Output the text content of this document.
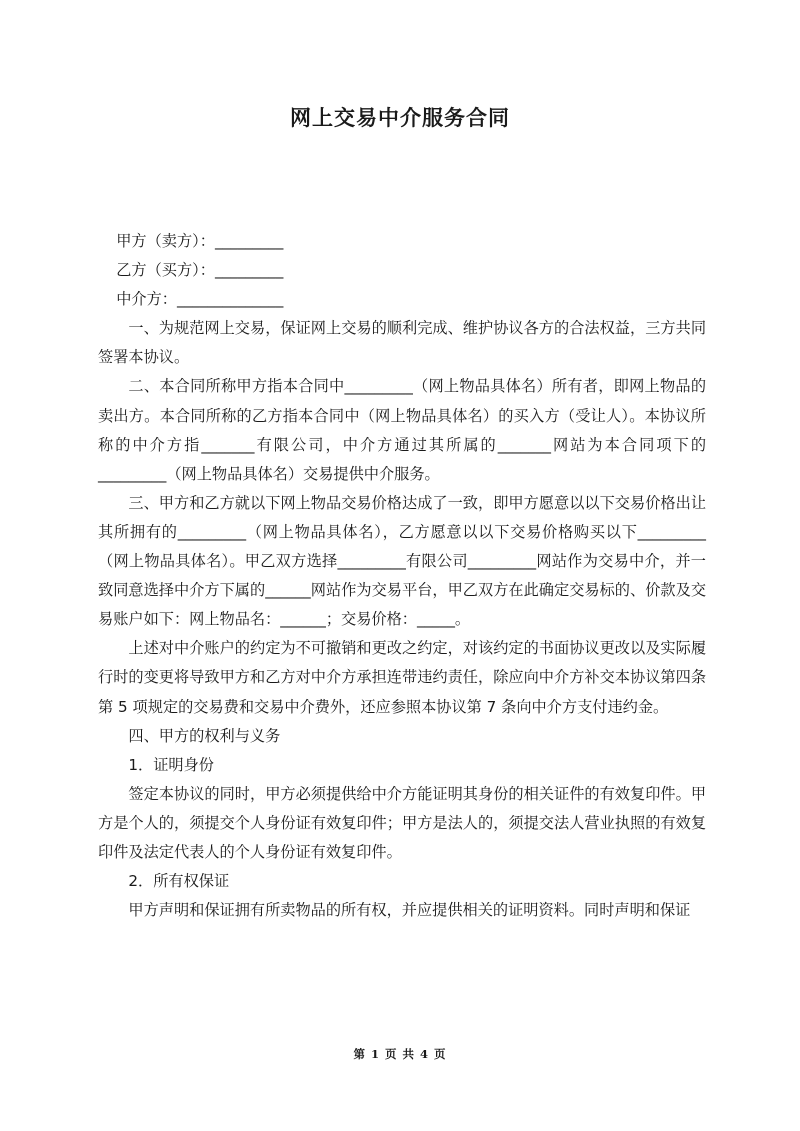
网上交易中介服务合同

甲方（卖方）：_________

乙方（买方）：_________

中介方：______________

一、为规范网上交易，保证网上交易的顺利完成、维护协议各方的合法权益，三方共同签署本协议。

二、本合同所称甲方指本合同中_________（网上物品具体名）所有者，即网上物品的卖出方。本合同所称的乙方指本合同中（网上物品具体名）的买入方（受让人）。本协议所称的中介方指_______有限公司，中介方通过其所属的_______网站为本合同项下的_________（网上物品具体名）交易提供中介服务。

三、甲方和乙方就以下网上物品交易价格达成了一致，即甲方愿意以以下交易价格出让其所拥有的_________（网上物品具体名），乙方愿意以以下交易价格购买以下_________（网上物品具体名）。甲乙双方选择_________有限公司_________网站作为交易中介，并一致同意选择中介方下属的______网站作为交易平台，甲乙双方在此确定交易标的、价款及交易账户如下：网上物品名：______；交易价格：_____。

上述对中介账户的约定为不可撤销和更改之约定，对该约定的书面协议更改以及实际履行时的变更将导致甲方和乙方对中介方承担连带违约责任，除应向中介方补交本协议第四条第 5 项规定的交易费和交易中介费外，还应参照本协议第 7 条向中介方支付违约金。

四、甲方的权利与义务

1．证明身份

签定本协议的同时，甲方必须提供给中介方能证明其身份的相关证件的有效复印件。甲方是个人的，须提交个人身份证有效复印件；甲方是法人的，须提交法人营业执照的有效复印件及法定代表人的个人身份证有效复印件。

2．所有权保证

甲方声明和保证拥有所卖物品的所有权，并应提供相关的证明资料。同时声明和保证

第 1 页 共 4 页
